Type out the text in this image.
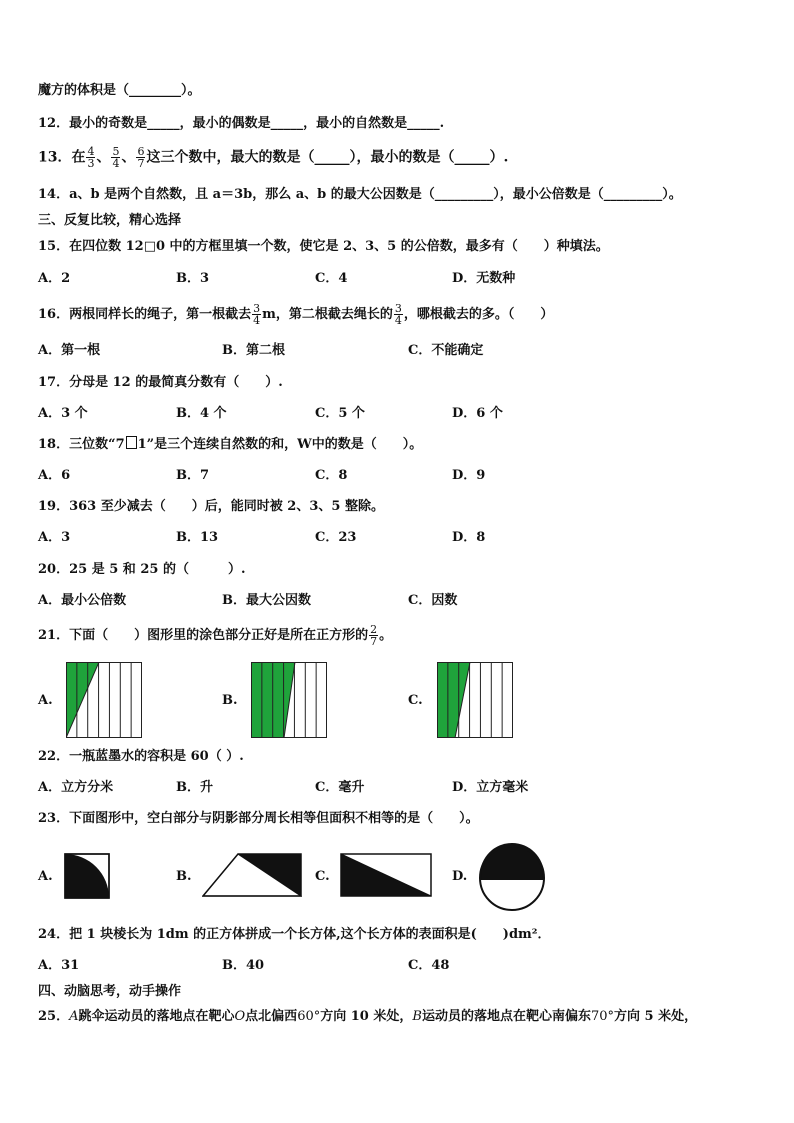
魔方的体积是（________）。
12．最小的奇数是_____，最小的偶数是_____，最小的自然数是_____.
13．在 $\frac{4}{3}$ 、 $\frac{5}{4}$ 、 $\frac{6}{7}$ 这三个数中，最大的数是（_____），最小的数是（_____）.
14．a、b 是两个自然数，且 a＝3b，那么 a、b 的最大公因数是（_________），最小公倍数是（_________）。
三、反复比较，精心选择
15．在四位数 12□0 中的方框里填一个数，使它是 2、3、5 的公倍数，最多有（　　）种填法。
A．2	B．3	C．4	D．无数种
16．两根同样长的绳子，第一根截去 $\frac{3}{4}$ m，第二根截去绳长的 $\frac{3}{4}$ ，哪根截去的多。（　　）
A．第一根	B．第二根	C．不能确定
17．分母是 12 的最简真分数有（　　）.
A．3 个	B．4 个	C．5 个	D．6 个
18．三位数“7 1”是三个连续自然数的和，W中的数是（　　）。
A．6	B．7	C．8	D．9
19．363 至少减去（　　）后，能同时被 2、3、5 整除。
A．3	B．13	C．23	D．8
20．25 是 5 和 25 的（　　　）.
A．最小公倍数	B．最大公因数	C．因数
21．下面（　　）图形里的涂色部分正好是所在正方形的 $\frac{2}{7}$ 。
A.	B.	C.
22．一瓶蓝墨水的容积是 60（ ）.
A．立方分米	B．升	C．毫升	D．立方毫米
23．下面图形中，空白部分与阴影部分周长相等但面积不相等的是（　　）。
A.	B.	C.	D.
24．把 1 块棱长为 1dm 的正方体拼成一个长方体,这个长方体的表面积是(　　)dm²．
A．31	B．40	C．48
四、动脑思考，动手操作
25．A跳伞运动员的落地点在靶心O点北偏西60°方向 10 米处，B运动员的落地点在靶心南偏东70°方向 5 米处，
